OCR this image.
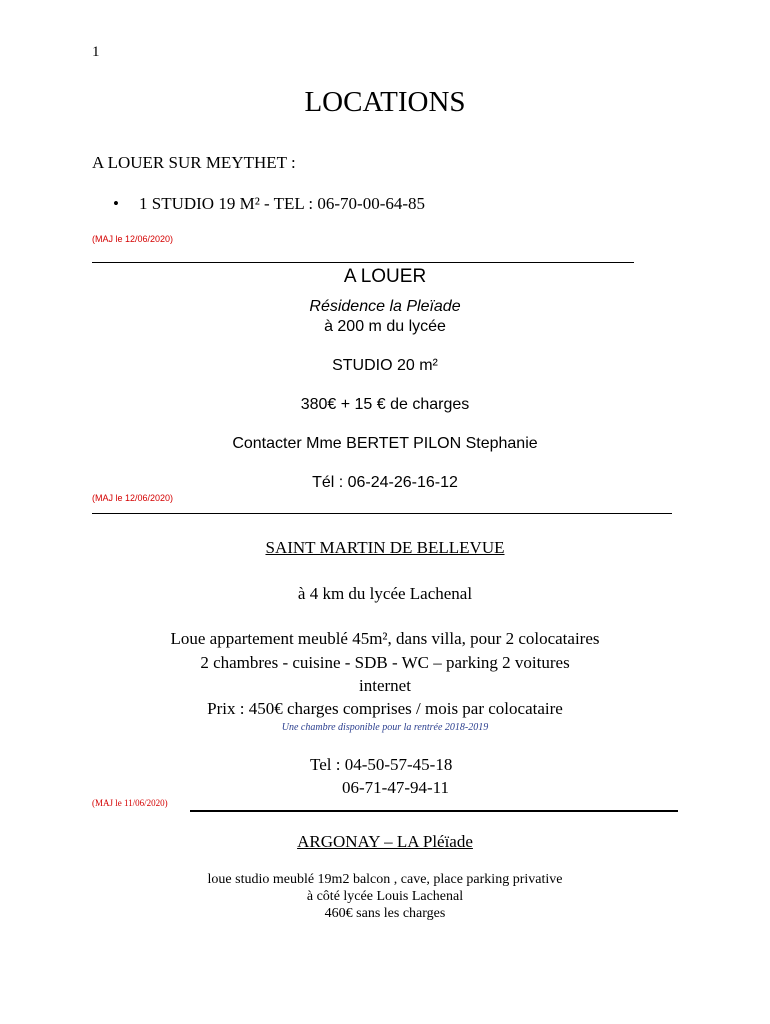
1
LOCATIONS
A LOUER SUR MEYTHET :
• 1 STUDIO 19 M² - TEL : 06-70-00-64-85
(MAJ le 12/06/2020)
A LOUER
Résidence la Pleïade
à 200 m du lycée
STUDIO 20 m²
380€ + 15 € de charges
Contacter Mme BERTET PILON Stephanie
Tél : 06-24-26-16-12
(MAJ le 12/06/2020)
SAINT MARTIN DE BELLEVUE
à 4 km du lycée Lachenal
Loue appartement meublé 45m², dans villa, pour 2 colocataires
2 chambres - cuisine - SDB - WC – parking 2 voitures
internet
Prix : 450€ charges comprises / mois par colocataire
Une chambre disponible pour la rentrée 2018-2019
Tel : 04-50-57-45-18
06-71-47-94-11
(MAJ le 11/06/2020)
ARGONAY – LA Pléïade
loue studio meublé 19m2 balcon , cave, place parking privative
à côté lycée Louis Lachenal
460€ sans les charges
